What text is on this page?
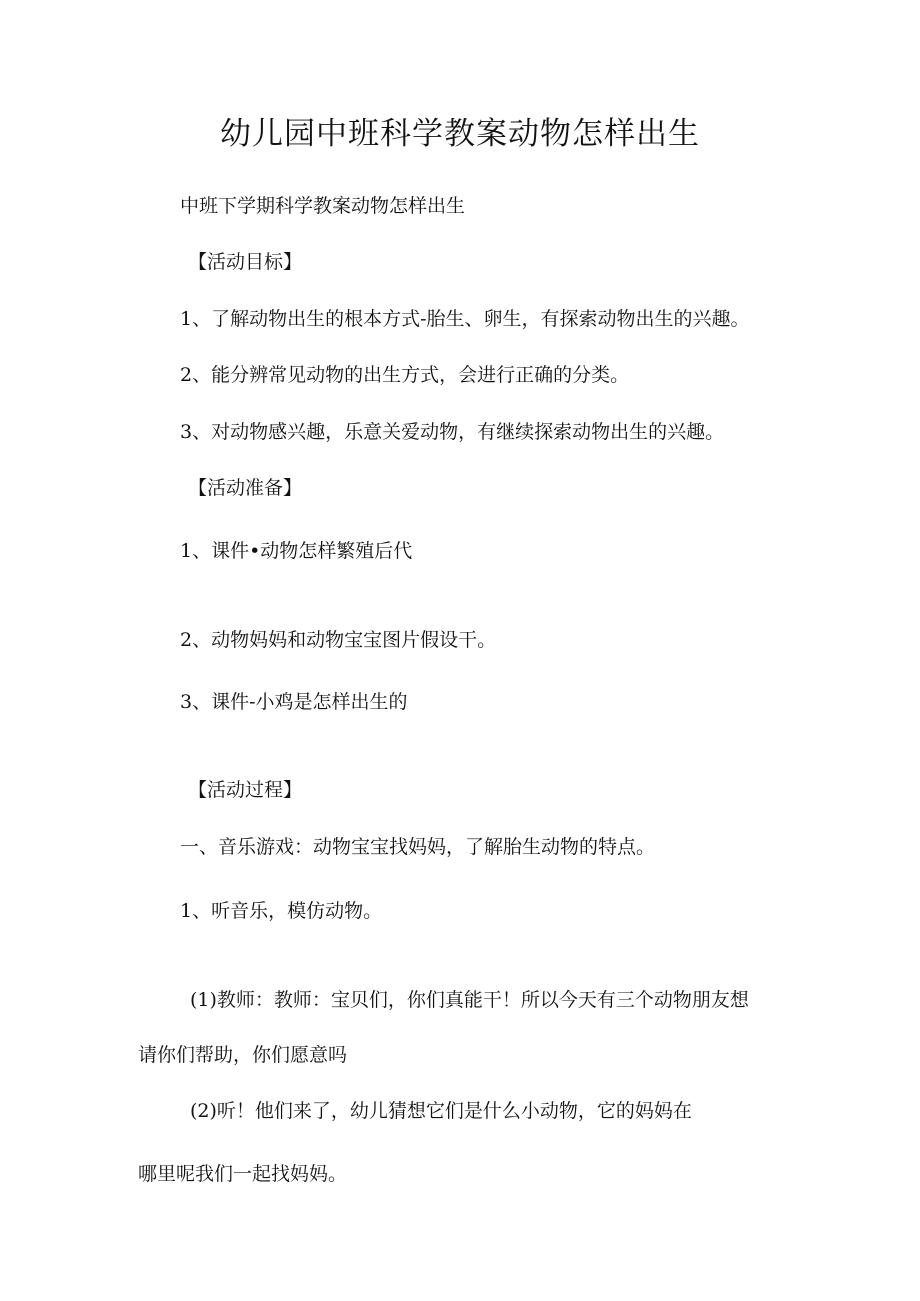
幼儿园中班科学教案动物怎样出生

中班下学期科学教案动物怎样出生

【活动目标】

1、了解动物出生的根本方式-胎生、卵生，有探索动物出生的兴趣。

2、能分辨常见动物的出生方式，会进行正确的分类。

3、对动物感兴趣，乐意关爱动物，有继续探索动物出生的兴趣。

【活动准备】

1、课件•动物怎样繁殖后代

2、动物妈妈和动物宝宝图片假设干。

3、课件-小鸡是怎样出生的

【活动过程】

一、音乐游戏：动物宝宝找妈妈，了解胎生动物的特点。

1、听音乐，模仿动物。

(1)教师：教师：宝贝们，你们真能干！所以今天有三个动物朋友想

请你们帮助，你们愿意吗

(2)听！他们来了，幼儿猜想它们是什么小动物，它的妈妈在

哪里呢我们一起找妈妈。
